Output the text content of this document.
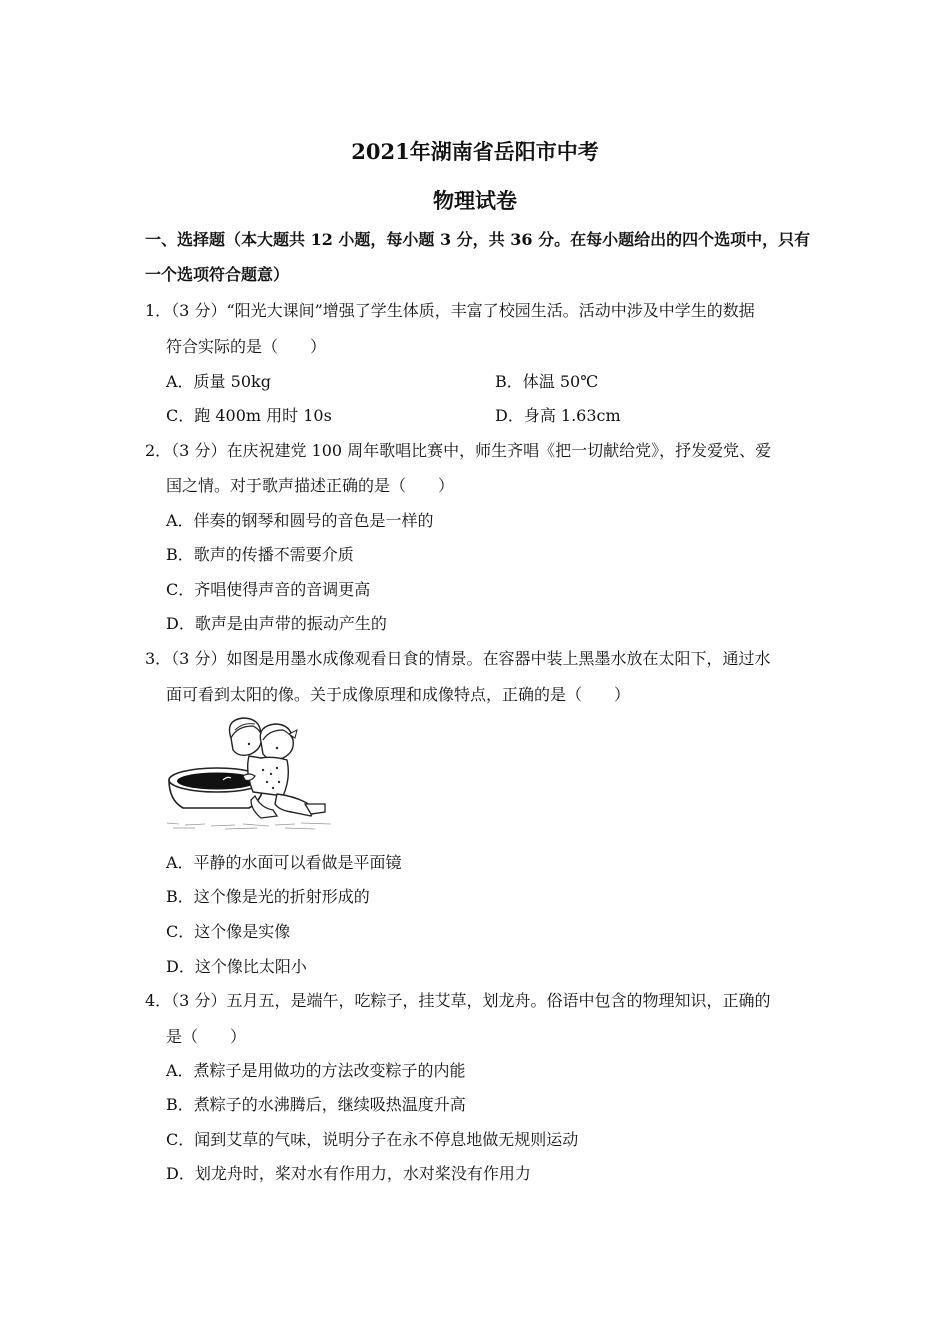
2021年湖南省岳阳市中考
物理试卷
一、选择题（本大题共 12 小题，每小题 3 分，共 36 分。在每小题给出的四个选项中，只有一个选项符合题意）
1．（3 分）“阳光大课间”增强了学生体质，丰富了校园生活。活动中涉及中学生的数据
符合实际的是（　　）
A．质量 50kg	B．体温 50℃
C．跑 400m 用时 10s	D．身高 1.63cm
2．（3 分）在庆祝建党 100 周年歌唱比赛中，师生齐唱《把一切献给党》，抒发爱党、爱
国之情。对于歌声描述正确的是（　　）
A．伴奏的钢琴和圆号的音色是一样的
B．歌声的传播不需要介质
C．齐唱使得声音的音调更高
D．歌声是由声带的振动产生的
3．（3 分）如图是用墨水成像观看日食的情景。在容器中装上黑墨水放在太阳下，通过水
面可看到太阳的像。关于成像原理和成像特点，正确的是（　　）
A．平静的水面可以看做是平面镜
B．这个像是光的折射形成的
C．这个像是实像
D．这个像比太阳小
4．（3 分）五月五，是端午，吃粽子，挂艾草，划龙舟。俗语中包含的物理知识，正确的
是（　　）
A．煮粽子是用做功的方法改变粽子的内能
B．煮粽子的水沸腾后，继续吸热温度升高
C．闻到艾草的气味，说明分子在永不停息地做无规则运动
D．划龙舟时，桨对水有作用力，水对桨没有作用力
